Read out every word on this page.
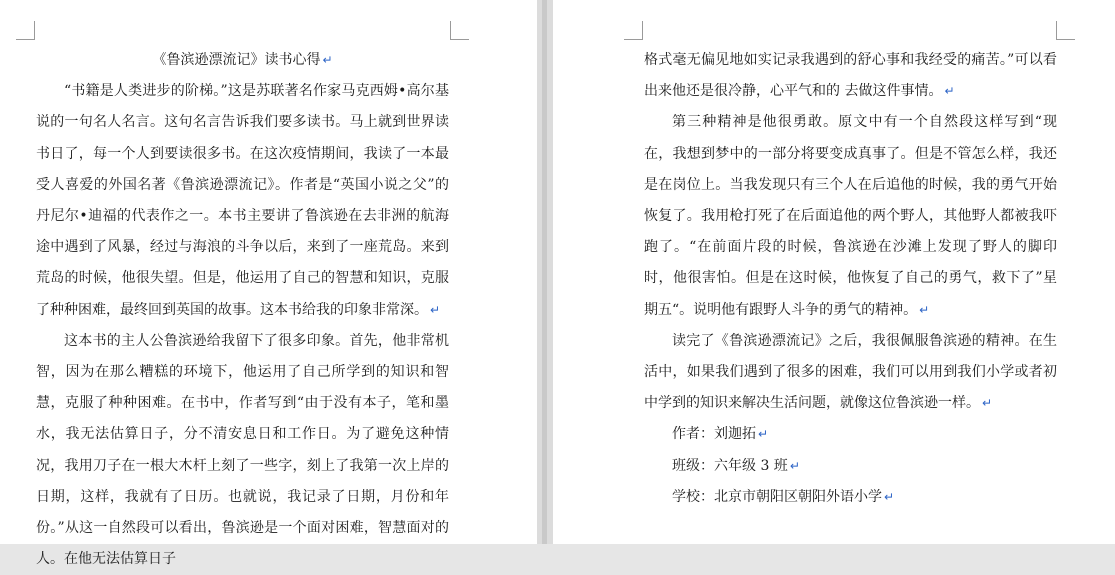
《鲁滨逊漂流记》读书心得 ↵

“书籍是人类进步的阶梯。”这是苏联著名作家马克西姆•高尔基说的一句名人名言。这句名言告诉我们要多读书。马上就到世界读书日了，每一个人到要读很多书。在这次疫情期间，我读了一本最受人喜爱的外国名著《鲁滨逊漂流记》。作者是“英国小说之父”的丹尼尔•迪福的代表作之一。本书主要讲了鲁滨逊在去非洲的航海途中遇到了风暴，经过与海浪的斗争以后，来到了一座荒岛。来到荒岛的时候，他很失望。但是，他运用了自己的智慧和知识，克服了种种困难，最终回到英国的故事。这本书给我的印象非常深。 ↵

这本书的主人公鲁滨逊给我留下了很多印象。首先，他非常机智，因为在那么糟糕的环境下，他运用了自己所学到的知识和智慧，克服了种种困难。在书中，作者写到“由于没有本子，笔和墨水，我无法估算日子，分不清安息日和工作日。为了避免这种情况，我用刀子在一根大木杆上刻了一些字，刻上了我第一次上岸的日期，这样，我就有了日历。也就说，我记录了日期，月份和年份。”从这一自然段可以看出，鲁滨逊是一个面对困难，智慧面对的人。在他无法估算日子

格式毫无偏见地如实记录我遇到的舒心事和我经受的痛苦。”可以看出来他还是很冷静，心平气和的 去做这件事情。 ↵

第三种精神是他很勇敢。原文中有一个自然段这样写到“现在，我想到梦中的一部分将要变成真事了。但是不管怎么样，我还是在岗位上。当我发现只有三个人在后追他的时候，我的勇气开始恢复了。我用枪打死了在后面追他的两个野人，其他野人都被我吓跑了。“在前面片段的时候，鲁滨逊在沙滩上发现了野人的脚印时，他很害怕。但是在这时候，他恢复了自己的勇气，救下了”星期五“。说明他有跟野人斗争的勇气的精神。 ↵

读完了《鲁滨逊漂流记》之后，我很佩服鲁滨逊的精神。在生活中，如果我们遇到了很多的困难，我们可以用到我们小学或者初中学到的知识来解决生活问题，就像这位鲁滨逊一样。 ↵

作者：刘迦拓 ↵

班级：六年级 3 班 ↵

学校：北京市朝阳区朝阳外语小学 ↵
